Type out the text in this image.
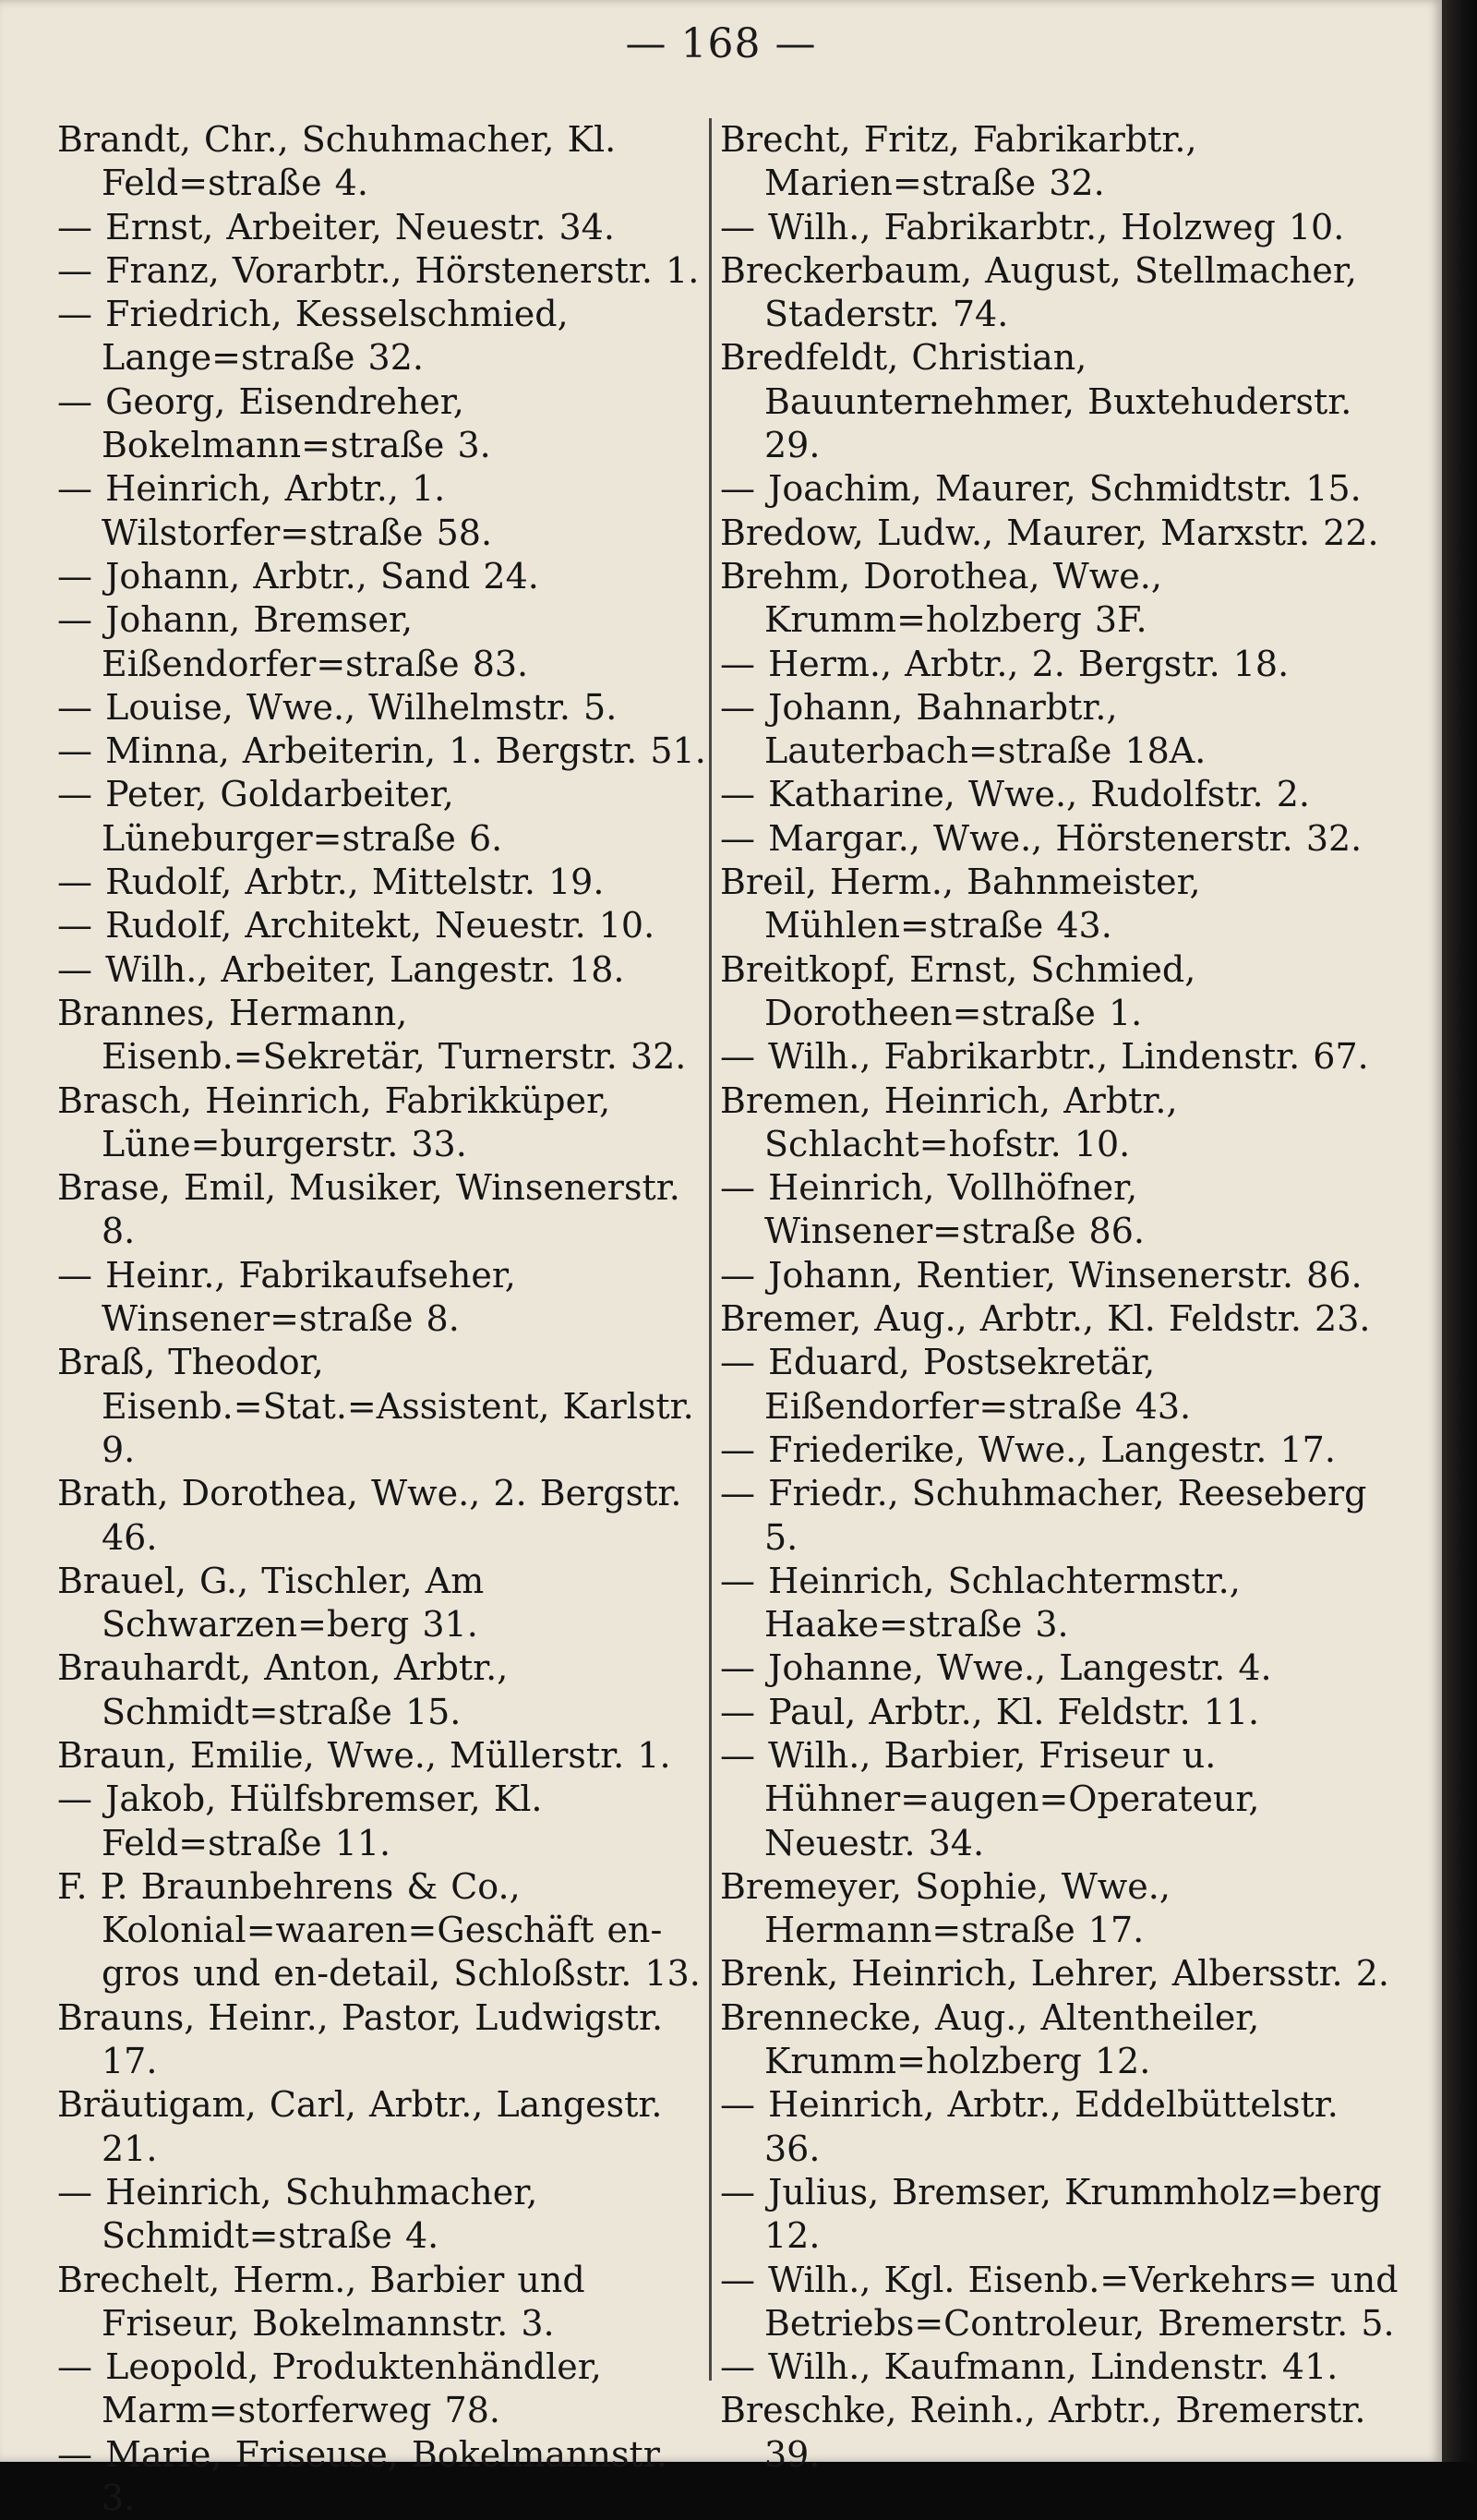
— 168 —

Brandt, Chr., Schuhmacher, Kl. Feld=straße 4.

— Ernst, Arbeiter, Neuestr. 34.

— Franz, Vorarbtr., Hörstenerstr. 1.

— Friedrich, Kesselschmied, Lange=straße 32.

— Georg, Eisendreher, Bokelmann=straße 3.

— Heinrich, Arbtr., 1. Wilstorfer=straße 58.

— Johann, Arbtr., Sand 24.

— Johann, Bremser, Eißendorfer=straße 83.

— Louise, Wwe., Wilhelmstr. 5.

— Minna, Arbeiterin, 1. Bergstr. 51.

— Peter, Goldarbeiter, Lüneburger=straße 6.

— Rudolf, Arbtr., Mittelstr. 19.

— Rudolf, Architekt, Neuestr. 10.

— Wilh., Arbeiter, Langestr. 18.

Brannes, Hermann, Eisenb.=Sekretär, Turnerstr. 32.

Brasch, Heinrich, Fabrikküper, Lüne=burgerstr. 33.

Brase, Emil, Musiker, Winsenerstr. 8.

— Heinr., Fabrikaufseher, Winsener=straße 8.

Braß, Theodor, Eisenb.=Stat.=Assistent, Karlstr. 9.

Brath, Dorothea, Wwe., 2. Bergstr. 46.

Brauel, G., Tischler, Am Schwarzen=berg 31.

Brauhardt, Anton, Arbtr., Schmidt=straße 15.

Braun, Emilie, Wwe., Müllerstr. 1.

— Jakob, Hülfsbremser, Kl. Feld=straße 11.

F. P. Braunbehrens & Co., Kolonial=waaren=Geschäft en-gros und en-detail, Schloßstr. 13.

Brauns, Heinr., Pastor, Ludwigstr. 17.

Bräutigam, Carl, Arbtr., Langestr. 21.

— Heinrich, Schuhmacher, Schmidt=straße 4.

Brechelt, Herm., Barbier und Friseur, Bokelmannstr. 3.

— Leopold, Produktenhändler, Marm=storferweg 78.

— Marie, Friseuse, Bokelmannstr. 3.

Brecht, Fritz, Fabrikarbtr., Marien=straße 32.

— Wilh., Fabrikarbtr., Holzweg 10.

Breckerbaum, August, Stellmacher, Staderstr. 74.

Bredfeldt, Christian, Bauunternehmer, Buxtehuderstr. 29.

— Joachim, Maurer, Schmidtstr. 15.

Bredow, Ludw., Maurer, Marxstr. 22.

Brehm, Dorothea, Wwe., Krumm=holzberg 3F.

— Herm., Arbtr., 2. Bergstr. 18.

— Johann, Bahnarbtr., Lauterbach=straße 18A.

— Katharine, Wwe., Rudolfstr. 2.

— Margar., Wwe., Hörstenerstr. 32.

Breil, Herm., Bahnmeister, Mühlen=straße 43.

Breitkopf, Ernst, Schmied, Dorotheen=straße 1.

— Wilh., Fabrikarbtr., Lindenstr. 67.

Bremen, Heinrich, Arbtr., Schlacht=hofstr. 10.

— Heinrich, Vollhöfner, Winsener=straße 86.

— Johann, Rentier, Winsenerstr. 86.

Bremer, Aug., Arbtr., Kl. Feldstr. 23.

— Eduard, Postsekretär, Eißendorfer=straße 43.

— Friederike, Wwe., Langestr. 17.

— Friedr., Schuhmacher, Reeseberg 5.

— Heinrich, Schlachtermstr., Haake=straße 3.

— Johanne, Wwe., Langestr. 4.

— Paul, Arbtr., Kl. Feldstr. 11.

— Wilh., Barbier, Friseur u. Hühner=augen=Operateur, Neuestr. 34.

Bremeyer, Sophie, Wwe., Hermann=straße 17.

Brenk, Heinrich, Lehrer, Albersstr. 2.

Brennecke, Aug., Altentheiler, Krumm=holzberg 12.

— Heinrich, Arbtr., Eddelbüttelstr. 36.

— Julius, Bremser, Krummholz=berg 12.

— Wilh., Kgl. Eisenb.=Verkehrs= und Betriebs=Controleur, Bremerstr. 5.

— Wilh., Kaufmann, Lindenstr. 41.

Breschke, Reinh., Arbtr., Bremerstr. 39.
